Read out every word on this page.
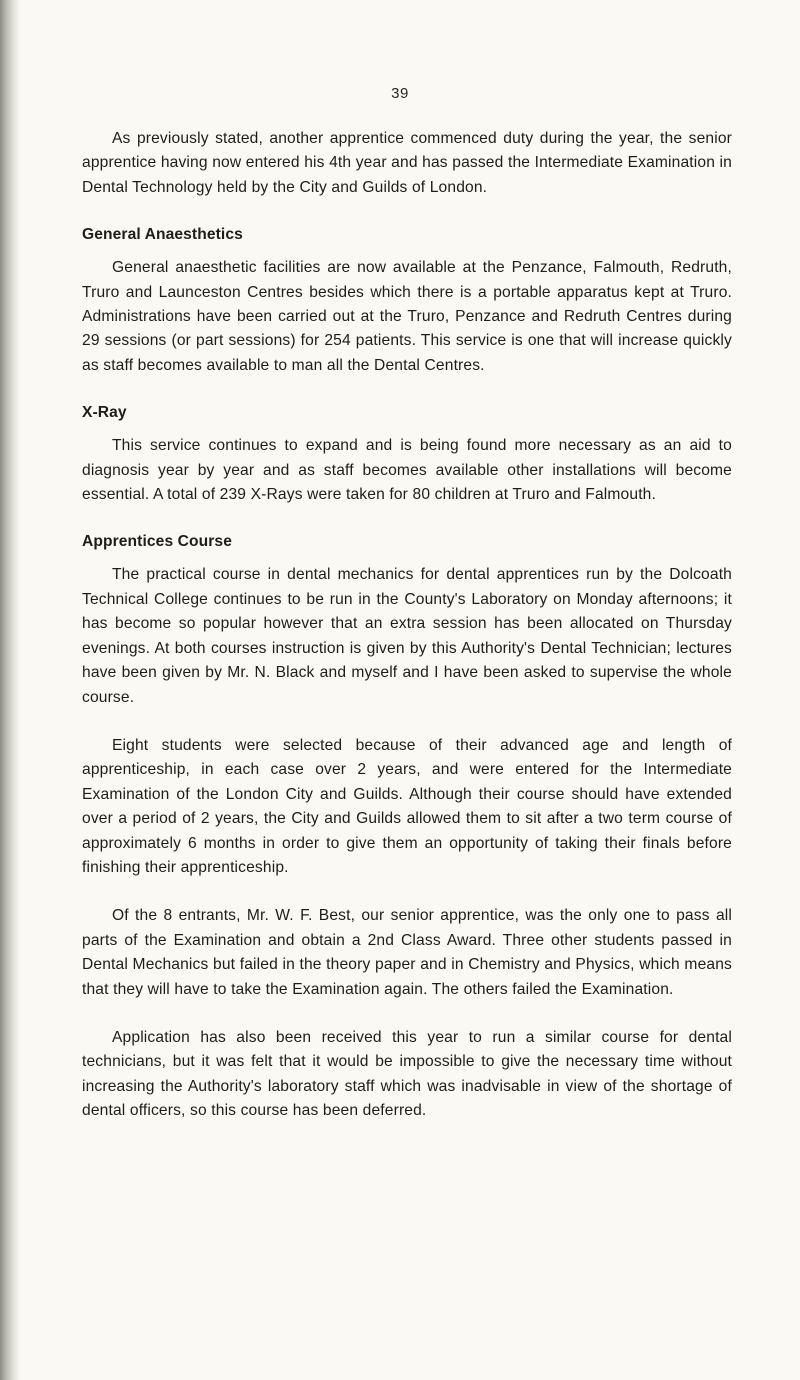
39

As previously stated, another apprentice commenced duty during the year, the senior apprentice having now entered his 4th year and has passed the Intermediate Examination in Dental Technology held by the City and Guilds of London.

General Anaesthetics

General anaesthetic facilities are now available at the Penzance, Falmouth, Redruth, Truro and Launceston Centres besides which there is a portable apparatus kept at Truro. Administrations have been carried out at the Truro, Penzance and Redruth Centres during 29 sessions (or part sessions) for 254 patients. This service is one that will increase quickly as staff becomes available to man all the Dental Centres.

X-Ray

This service continues to expand and is being found more necessary as an aid to diagnosis year by year and as staff becomes available other installations will become essential. A total of 239 X-Rays were taken for 80 children at Truro and Falmouth.

Apprentices Course

The practical course in dental mechanics for dental apprentices run by the Dolcoath Technical College continues to be run in the County's Laboratory on Monday afternoons; it has become so popular however that an extra session has been allocated on Thursday evenings. At both courses instruction is given by this Authority's Dental Technician; lectures have been given by Mr. N. Black and myself and I have been asked to supervise the whole course.

Eight students were selected because of their advanced age and length of apprenticeship, in each case over 2 years, and were entered for the Intermediate Examination of the London City and Guilds. Although their course should have extended over a period of 2 years, the City and Guilds allowed them to sit after a two term course of approximately 6 months in order to give them an opportunity of taking their finals before finishing their apprenticeship.

Of the 8 entrants, Mr. W. F. Best, our senior apprentice, was the only one to pass all parts of the Examination and obtain a 2nd Class Award. Three other students passed in Dental Mechanics but failed in the theory paper and in Chemistry and Physics, which means that they will have to take the Examination again. The others failed the Examination.

Application has also been received this year to run a similar course for dental technicians, but it was felt that it would be impossible to give the necessary time without increasing the Authority's laboratory staff which was inadvisable in view of the shortage of dental officers, so this course has been deferred.
